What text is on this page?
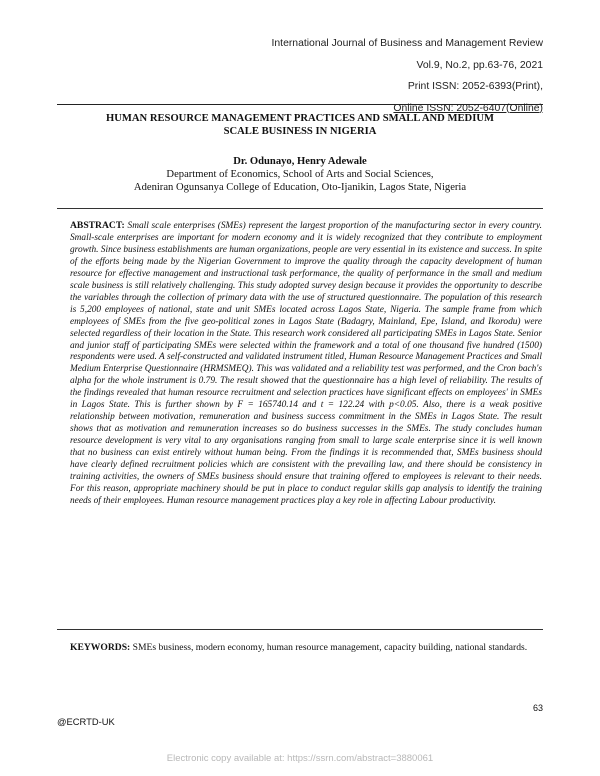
International Journal of Business and Management Review
Vol.9, No.2, pp.63-76, 2021
Print ISSN: 2052-6393(Print),
Online ISSN: 2052-6407(Online)
HUMAN RESOURCE MANAGEMENT PRACTICES AND SMALL AND MEDIUM
SCALE BUSINESS IN NIGERIA
Dr. Odunayo, Henry Adewale
Department of Economics, School of Arts and Social Sciences,
Adeniran Ogunsanya College of Education, Oto-Ijanikin, Lagos State, Nigeria
ABSTRACT: Small scale enterprises (SMEs) represent the largest proportion of the manufacturing sector in every country. Small-scale enterprises are important for modern economy and it is widely recognized that they contribute to employment growth. Since business establishments are human organizations, people are very essential in its existence and success. In spite of the efforts being made by the Nigerian Government to improve the quality through the capacity development of human resource for effective management and instructional task performance, the quality of performance in the small and medium scale business is still relatively challenging. This study adopted survey design because it provides the opportunity to describe the variables through the collection of primary data with the use of structured questionnaire. The population of this research is 5,200 employees of national, state and unit SMEs located across Lagos State, Nigeria. The sample frame from which employees of SMEs from the five geo-political zones in Lagos State (Badagry, Mainland, Epe, Island, and Ikorodu) were selected regardless of their location in the State. This research work considered all participating SMEs in Lagos State. Senior and junior staff of participating SMEs were selected within the framework and a total of one thousand five hundred (1500) respondents were used. A self-constructed and validated instrument titled, Human Resource Management Practices and Small Medium Enterprise Questionnaire (HRMSMEQ). This was validated and a reliability test was performed, and the Cron bach's alpha for the whole instrument is 0.79. The result showed that the questionnaire has a high level of reliability. The results of the findings revealed that human resource recruitment and selection practices have significant effects on employees' in SMEs in Lagos State. This is further shown by F = 165740.14 and t = 122.24 with p<0.05. Also, there is a weak positive relationship between motivation, remuneration and business success commitment in the SMEs in Lagos State. The result shows that as motivation and remuneration increases so do business successes in the SMEs. The study concludes human resource development is very vital to any organisations ranging from small to large scale enterprise since it is well known that no business can exist entirely without human being. From the findings it is recommended that, SMEs business should have clearly defined recruitment policies which are consistent with the prevailing law, and there should be consistency in training activities, the owners of SMEs business should ensure that training offered to employees is relevant to their needs. For this reason, appropriate machinery should be put in place to conduct regular skills gap analysis to identify the training needs of their employees. Human resource management practices play a key role in affecting Labour productivity.
KEYWORDS: SMEs business, modern economy, human resource management, capacity building, national standards.
63
@ECRTD-UK
Electronic copy available at: https://ssrn.com/abstract=3880061
